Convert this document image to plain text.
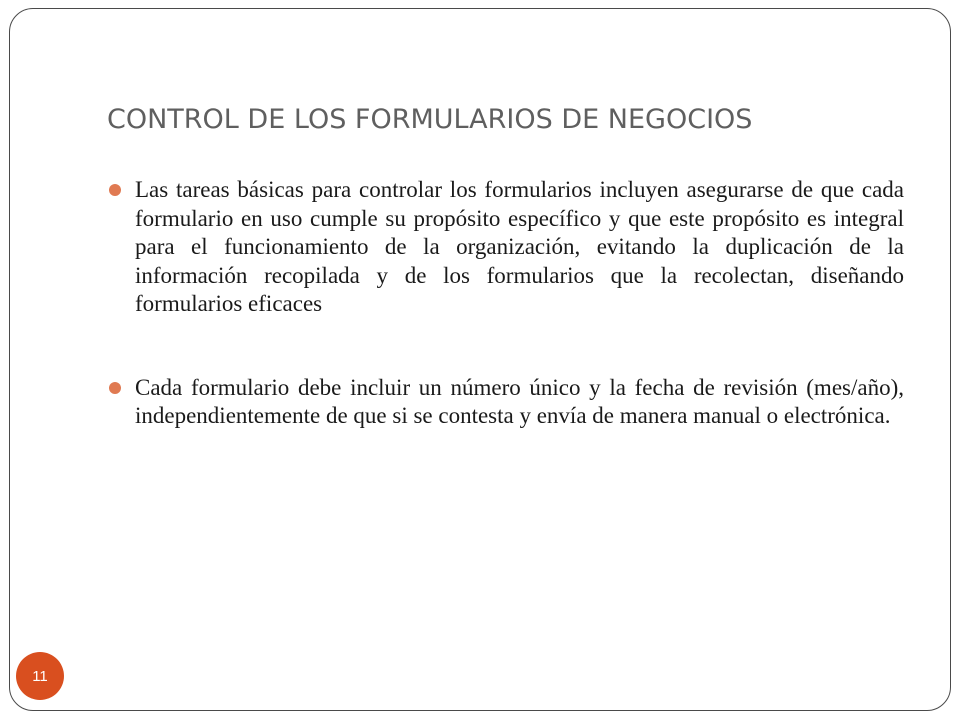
CONTROL DE LOS FORMULARIOS DE NEGOCIOS
Las tareas básicas para controlar los formularios incluyen asegurarse de que cada formulario en uso cumple su propósito específico y que este propósito es integral para el funcionamiento de la organización, evitando la duplicación de la información recopilada y de los formularios que la recolectan, diseñando formularios eficaces
Cada formulario debe incluir un número único y la fecha de revisión (mes/año), independientemente de que si se contesta y envía de manera manual o electrónica.
11
